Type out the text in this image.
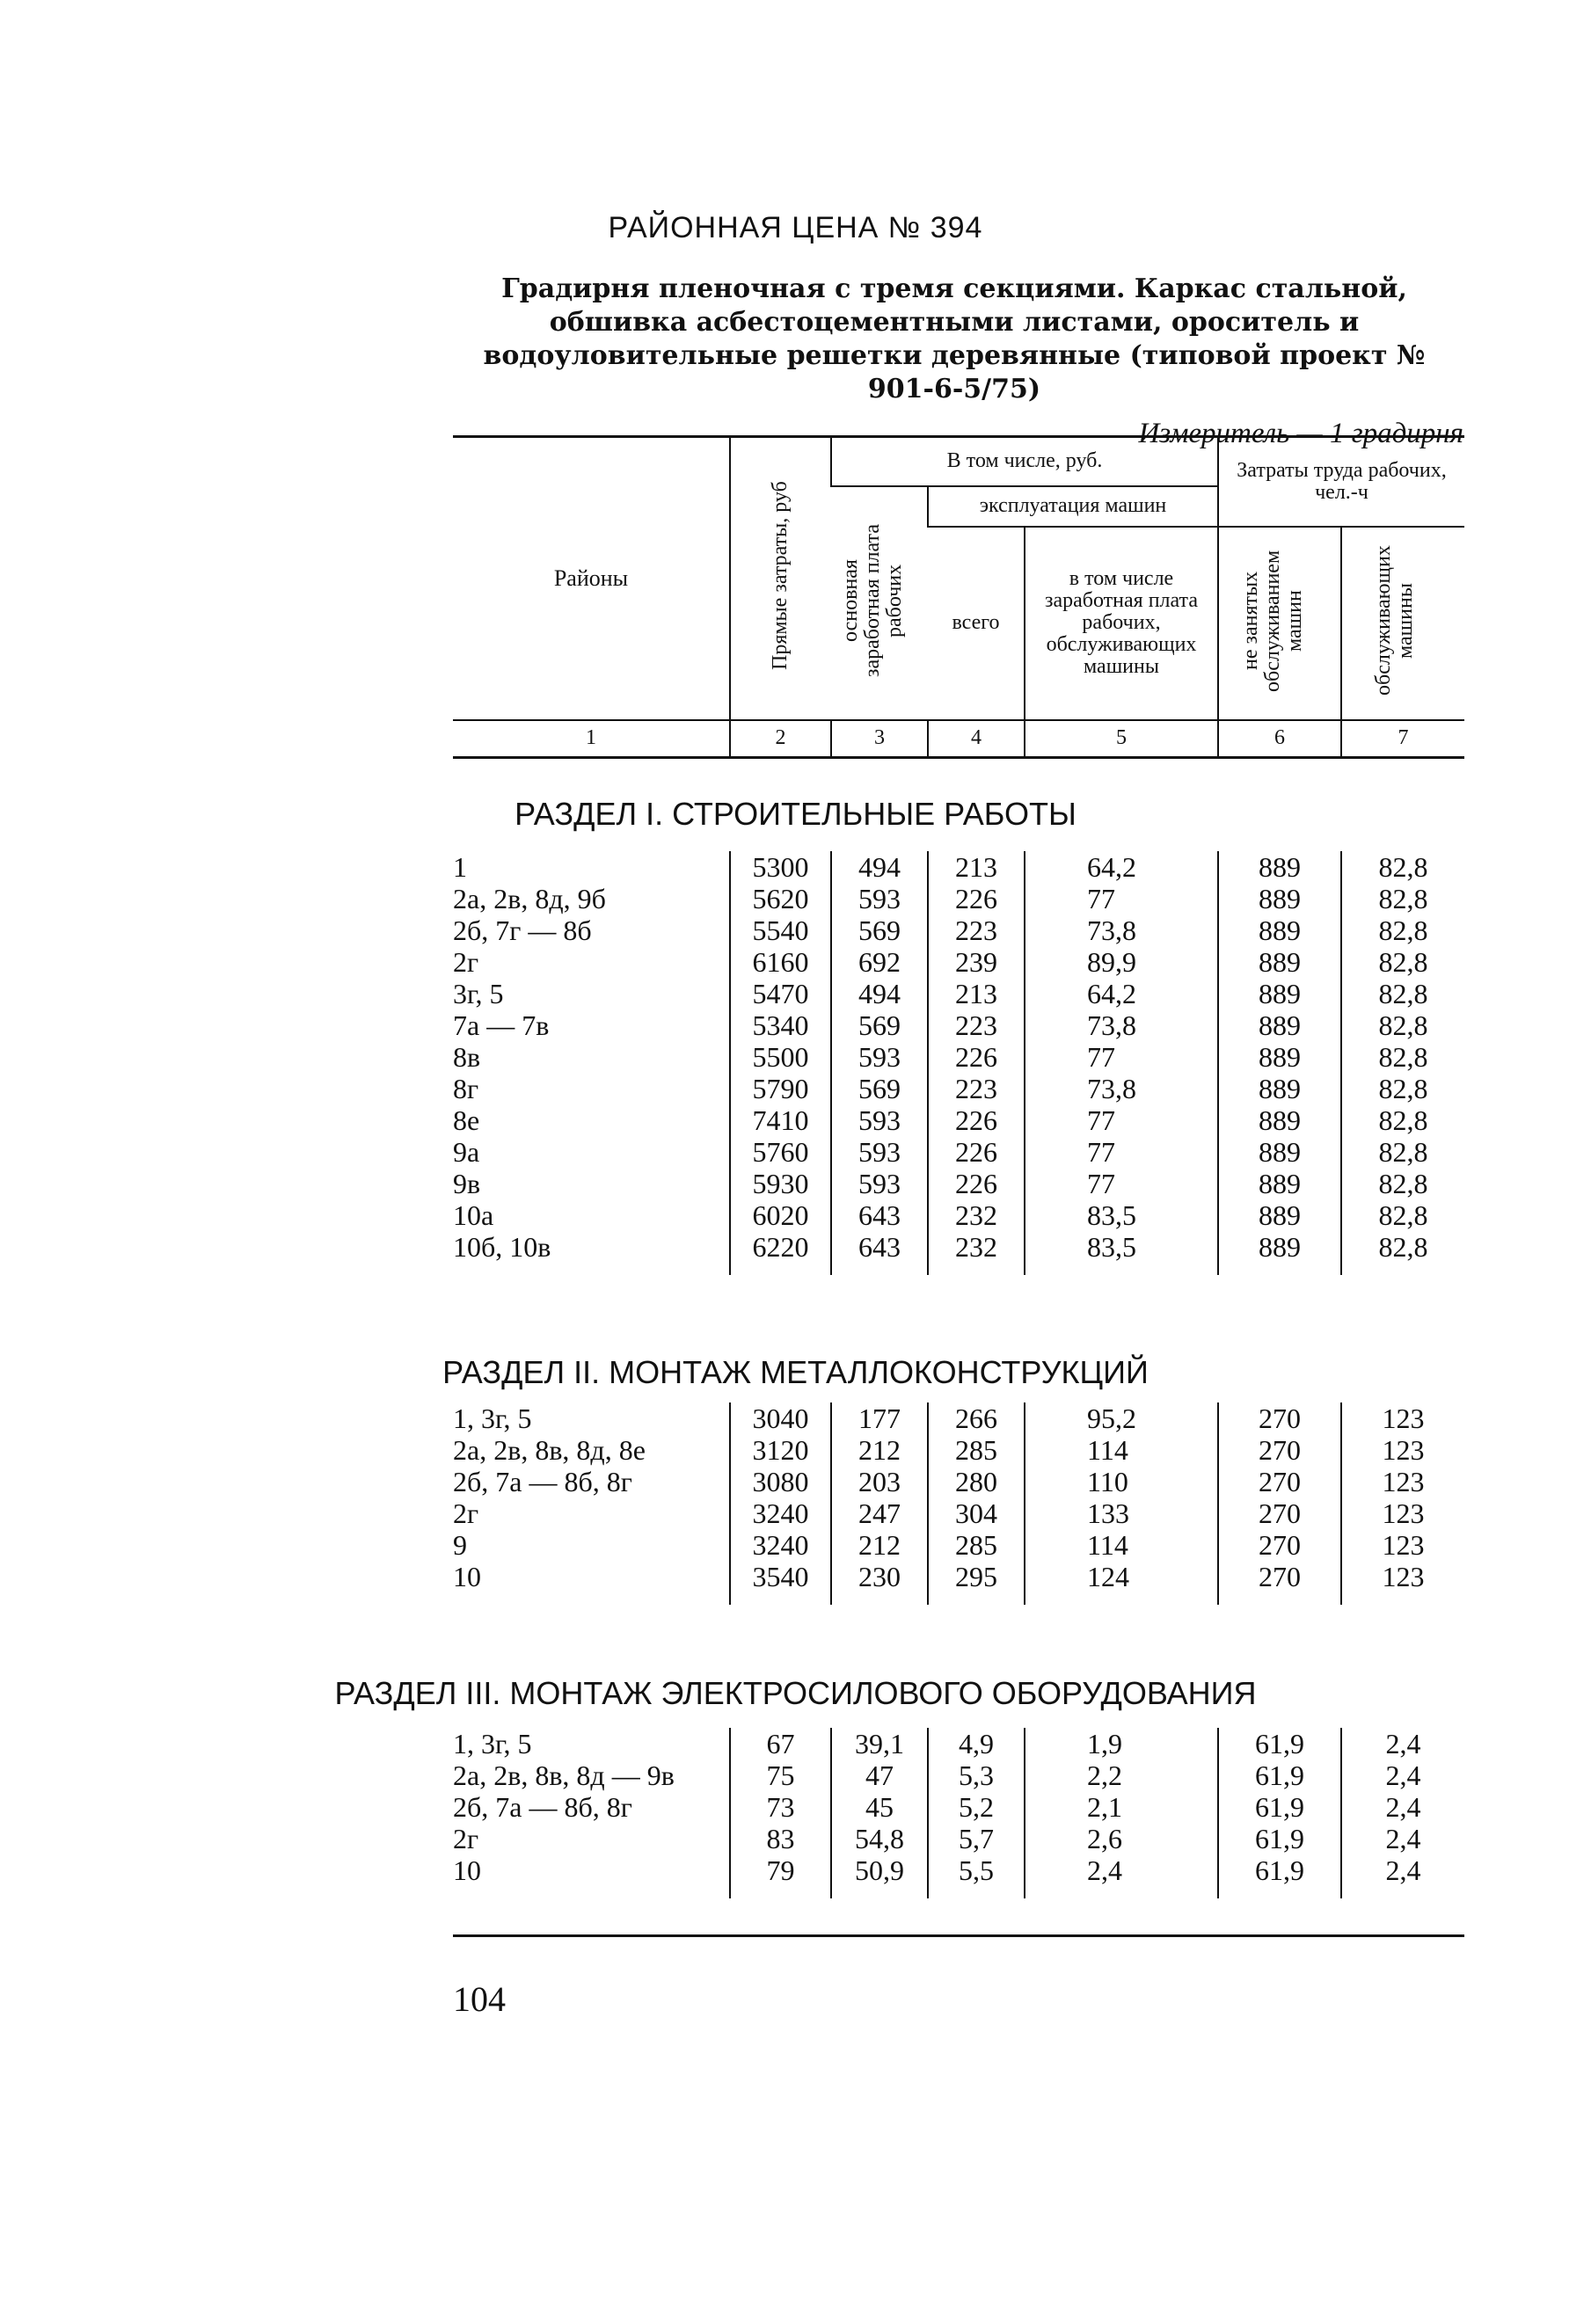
РАЙОННАЯ ЦЕНА № 394
Градирня пленочная с тремя секциями. Каркас стальной, обшивка асбестоцементными листами, ороситель и водоуловительные решетки деревянные (типовой проект № 901-6-5/75)
Измеритель — 1 градирня
Районы	Прямые затраты, руб	В том числе, руб.			Затраты труда рабочих, чел.-ч	
		основная заработная плата рабочих	эксплуатация машин			
			всего	в том числе заработная плата рабочих, обслуживающих машины	не занятых обслуживанием машин	обслуживающих машины
1	2	3	4	5	6	7
РАЗДЕЛ I. СТРОИТЕЛЬНЫЕ РАБОТЫ
1	5300	494	213	64,2	889	82,8
2а, 2в, 8д, 9б	5620	593	226	77	889	82,8
2б, 7г — 8б	5540	569	223	73,8	889	82,8
2г	6160	692	239	89,9	889	82,8
3г, 5	5470	494	213	64,2	889	82,8
7а — 7в	5340	569	223	73,8	889	82,8
8в	5500	593	226	77	889	82,8
8г	5790	569	223	73,8	889	82,8
8е	7410	593	226	77	889	82,8
9а	5760	593	226	77	889	82,8
9в	5930	593	226	77	889	82,8
10а	6020	643	232	83,5	889	82,8
10б, 10в	6220	643	232	83,5	889	82,8

РАЗДЕЛ II. МОНТАЖ МЕТАЛЛОКОНСТРУКЦИЙ
1, 3г, 5	3040	177	266	95,2	270	123
2а, 2в, 8в, 8д, 8е	3120	212	285	114	270	123
2б, 7а — 8б, 8г	3080	203	280	110	270	123
2г	3240	247	304	133	270	123
9	3240	212	285	114	270	123
10	3540	230	295	124	270	123

РАЗДЕЛ III. МОНТАЖ ЭЛЕКТРОСИЛОВОГО ОБОРУДОВАНИЯ
1, 3г, 5	67	39,1	4,9	1,9	61,9	2,4
2а, 2в, 8в, 8д — 9в	75	47	5,3	2,2	61,9	2,4
2б, 7а — 8б, 8г	73	45	5,2	2,1	61,9	2,4
2г	83	54,8	5,7	2,6	61,9	2,4
10	79	50,9	5,5	2,4	61,9	2,4

104
